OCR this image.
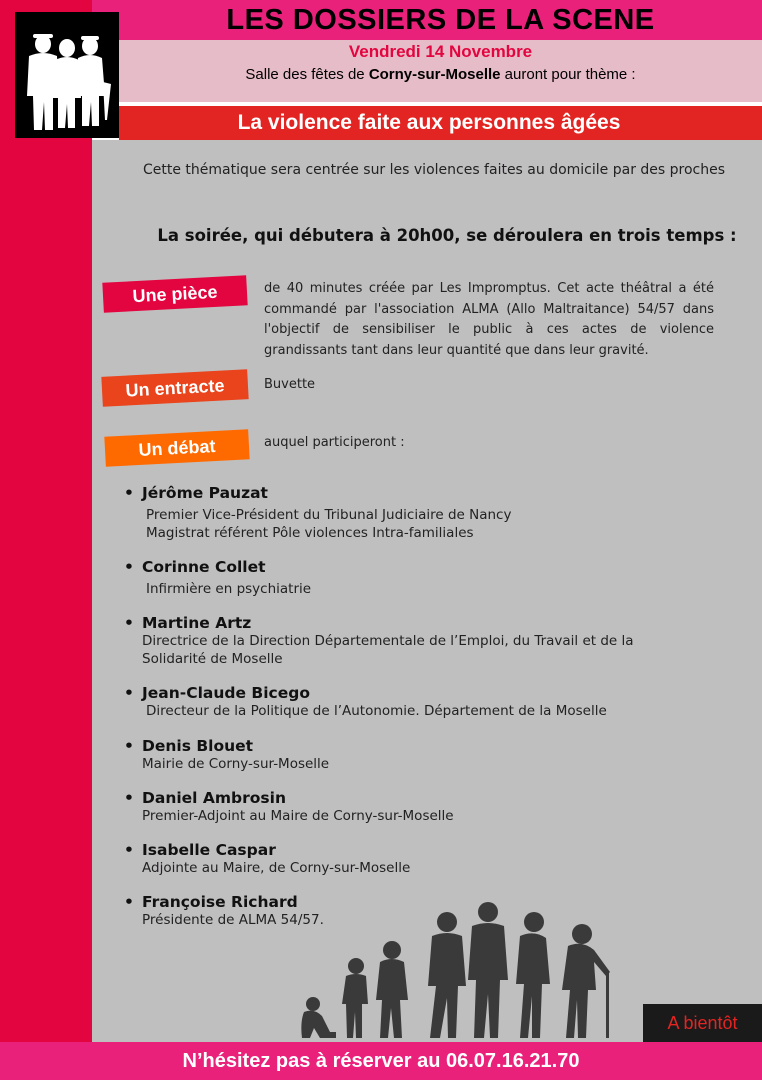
LES DOSSIERS DE LA SCENE
Vendredi 14 Novembre
Salle des fêtes de Corny-sur-Moselle auront pour thème :
La violence faite aux personnes âgées
Cette thématique sera centrée sur les violences faites au domicile par des proches
La soirée, qui débutera à 20h00, se déroulera en trois temps :
Une pièce	de 40 minutes créée par Les Impromptus. Cet acte théâtral a été commandé par l'association ALMA (Allo Maltraitance) 54/57 dans l'objectif de sensibiliser le public à ces actes de violence grandissants tant dans leur quantité que dans leur gravité.
Un entracte	Buvette
Un débat	auquel participeront :
• Jérôme Pauzat
Premier Vice-Président du Tribunal Judiciaire de Nancy
Magistrat référent Pôle violences Intra-familiales
• Corinne Collet
Infirmière en psychiatrie
• Martine Artz
Directrice de la Direction Départementale de l’Emploi, du Travail et de la
Solidarité de Moselle
• Jean-Claude Bicego
Directeur de la Politique de l’Autonomie. Département de la Moselle
• Denis Blouet
Mairie de Corny-sur-Moselle
• Daniel Ambrosin
Premier-Adjoint au Maire de Corny-sur-Moselle
• Isabelle Caspar
Adjointe au Maire, de Corny-sur-Moselle
• Françoise Richard
Présidente de ALMA 54/57.
A bientôt
N’hésitez pas à réserver au 06.07.16.21.70
